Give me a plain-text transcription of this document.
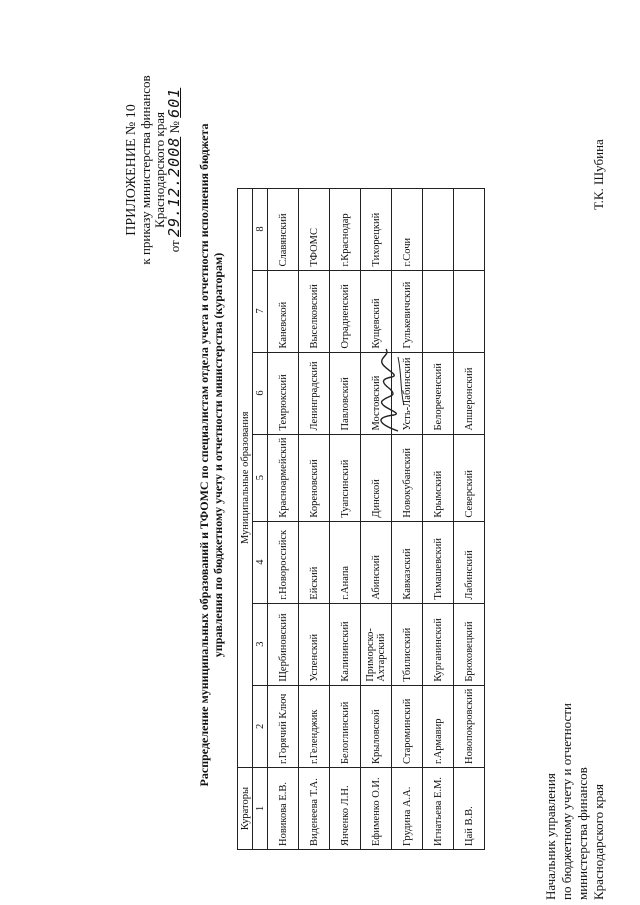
ПРИЛОЖЕНИЕ № 10 к приказу министерства финансов Краснодарского края
от 29.12.2008 № 601
Распределение муниципальных образований и ТФОМС по специалистам отдела учета и отчетности исполнения бюджета управления по бюджетному учету и отчетности министерства (кураторам)
Кураторы	Муниципальные образования						
1	2	3	4	5	6	7	8
Новикова Е.В.	г.Горячий Ключ	Щербиновский	г.Новороссийск	Красноармейский	Темрюкский	Каневской	Славянский
Виденеева Т.А.	г.Геленджик	Успенский	Ейский	Кореновский	Ленинградский	Выселковский	ТФОМС
Янченко Л.Н.	Белоглинский	Калининский	г.Анапа	Туапсинский	Павловский	Отрадненский	г.Краснодар
Ефименко О.И.	Крыловской	Приморско-Ахтарский	Абинский	Динской	Мостовский	Кущевский	Тихорецкий
Грудина А.А.	Староминский	Тбилисский	Кавказский	Новокубанский	Усть-Лабинский	Гулькевичский	г.Сочи
Игнатьева Е.М.	г.Армавир	Курганинский	Тимашевский	Крымский	Белореченский		
Цай В.В.	Новопокровский	Брюховецкий	Лабинский	Северский	Апшеронский		
Начальник управления по бюджетному учету и отчетности министерства финансов Краснодарского края
Т.К. Шубина
